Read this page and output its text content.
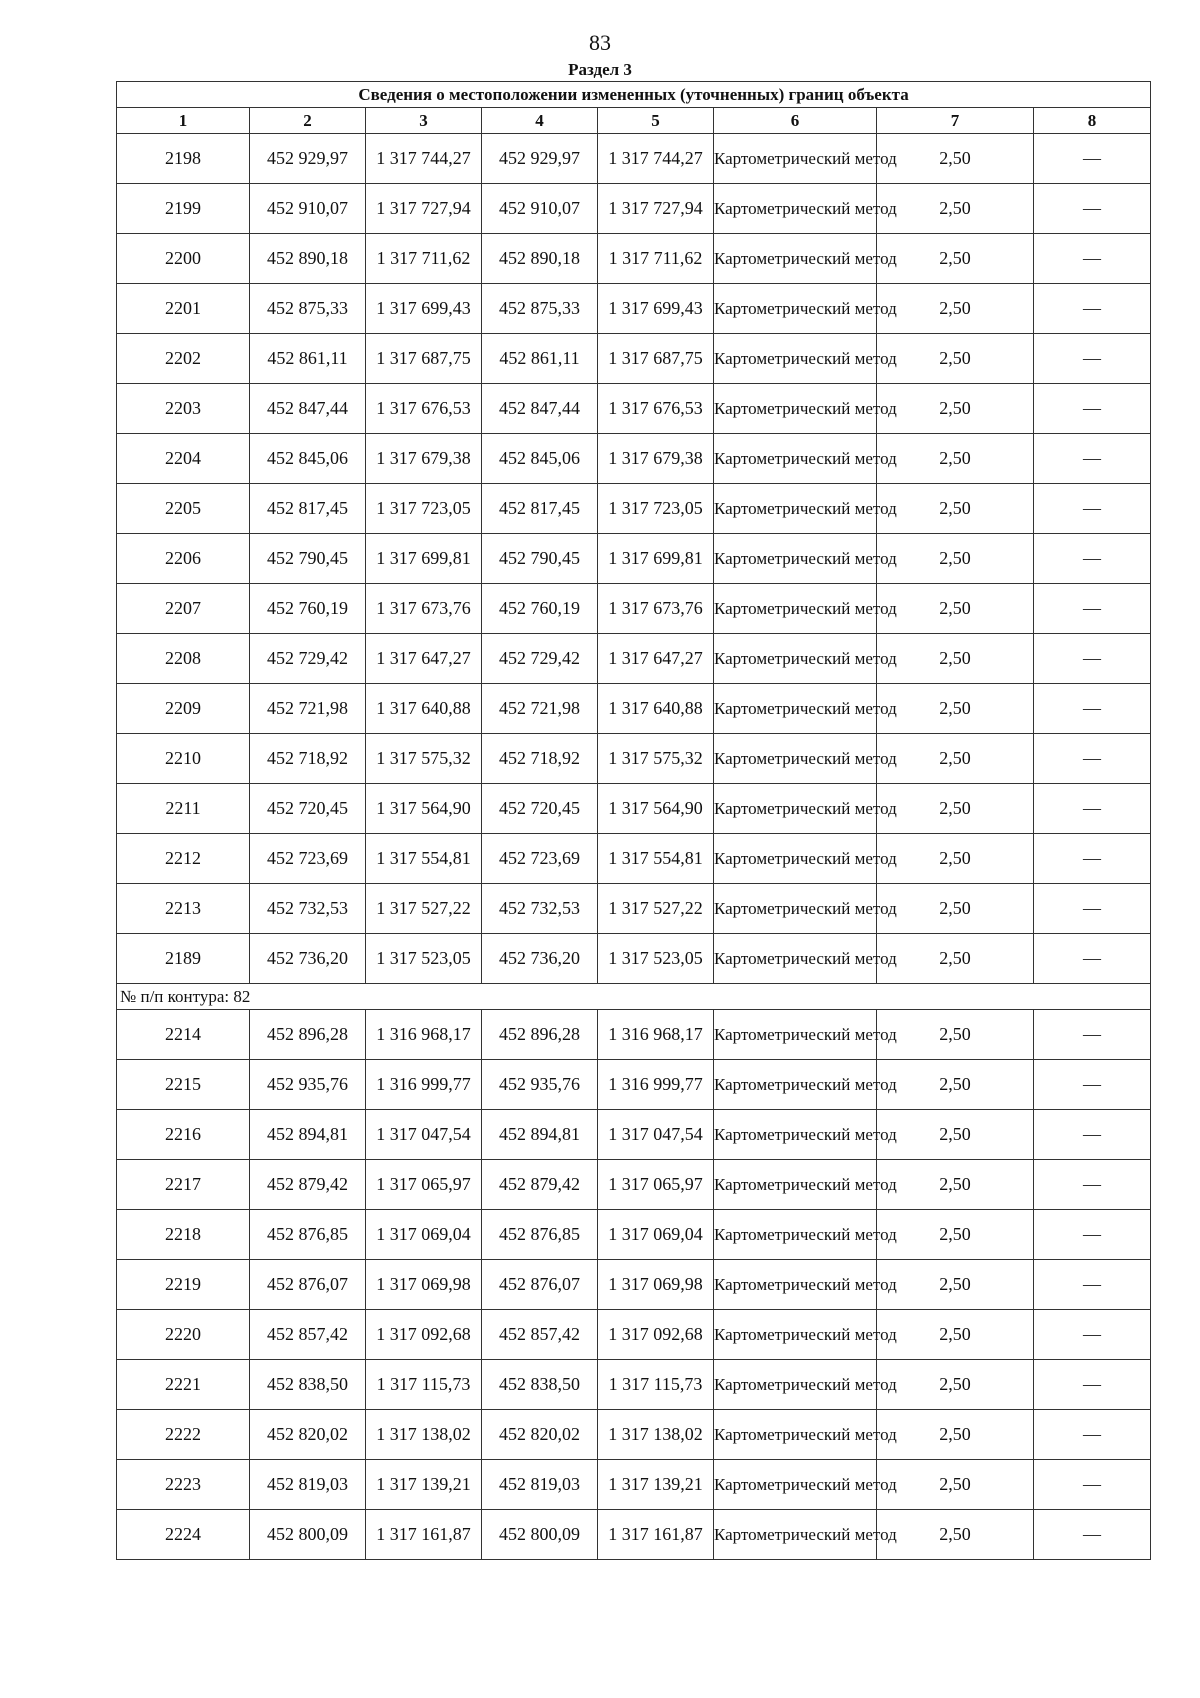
83
Раздел 3
Сведения о местоположении измененных (уточненных) границ объекта							
1	2	3	4	5	6	7	8
2198	452 929,97	1 317 744,27	452 929,97	1 317 744,27	Картометрический метод	2,50	—
2199	452 910,07	1 317 727,94	452 910,07	1 317 727,94	Картометрический метод	2,50	—
2200	452 890,18	1 317 711,62	452 890,18	1 317 711,62	Картометрический метод	2,50	—
2201	452 875,33	1 317 699,43	452 875,33	1 317 699,43	Картометрический метод	2,50	—
2202	452 861,11	1 317 687,75	452 861,11	1 317 687,75	Картометрический метод	2,50	—
2203	452 847,44	1 317 676,53	452 847,44	1 317 676,53	Картометрический метод	2,50	—
2204	452 845,06	1 317 679,38	452 845,06	1 317 679,38	Картометрический метод	2,50	—
2205	452 817,45	1 317 723,05	452 817,45	1 317 723,05	Картометрический метод	2,50	—
2206	452 790,45	1 317 699,81	452 790,45	1 317 699,81	Картометрический метод	2,50	—
2207	452 760,19	1 317 673,76	452 760,19	1 317 673,76	Картометрический метод	2,50	—
2208	452 729,42	1 317 647,27	452 729,42	1 317 647,27	Картометрический метод	2,50	—
2209	452 721,98	1 317 640,88	452 721,98	1 317 640,88	Картометрический метод	2,50	—
2210	452 718,92	1 317 575,32	452 718,92	1 317 575,32	Картометрический метод	2,50	—
2211	452 720,45	1 317 564,90	452 720,45	1 317 564,90	Картометрический метод	2,50	—
2212	452 723,69	1 317 554,81	452 723,69	1 317 554,81	Картометрический метод	2,50	—
2213	452 732,53	1 317 527,22	452 732,53	1 317 527,22	Картометрический метод	2,50	—
2189	452 736,20	1 317 523,05	452 736,20	1 317 523,05	Картометрический метод	2,50	—
№ п/п контура: 82							
2214	452 896,28	1 316 968,17	452 896,28	1 316 968,17	Картометрический метод	2,50	—
2215	452 935,76	1 316 999,77	452 935,76	1 316 999,77	Картометрический метод	2,50	—
2216	452 894,81	1 317 047,54	452 894,81	1 317 047,54	Картометрический метод	2,50	—
2217	452 879,42	1 317 065,97	452 879,42	1 317 065,97	Картометрический метод	2,50	—
2218	452 876,85	1 317 069,04	452 876,85	1 317 069,04	Картометрический метод	2,50	—
2219	452 876,07	1 317 069,98	452 876,07	1 317 069,98	Картометрический метод	2,50	—
2220	452 857,42	1 317 092,68	452 857,42	1 317 092,68	Картометрический метод	2,50	—
2221	452 838,50	1 317 115,73	452 838,50	1 317 115,73	Картометрический метод	2,50	—
2222	452 820,02	1 317 138,02	452 820,02	1 317 138,02	Картометрический метод	2,50	—
2223	452 819,03	1 317 139,21	452 819,03	1 317 139,21	Картометрический метод	2,50	—
2224	452 800,09	1 317 161,87	452 800,09	1 317 161,87	Картометрический метод	2,50	—
